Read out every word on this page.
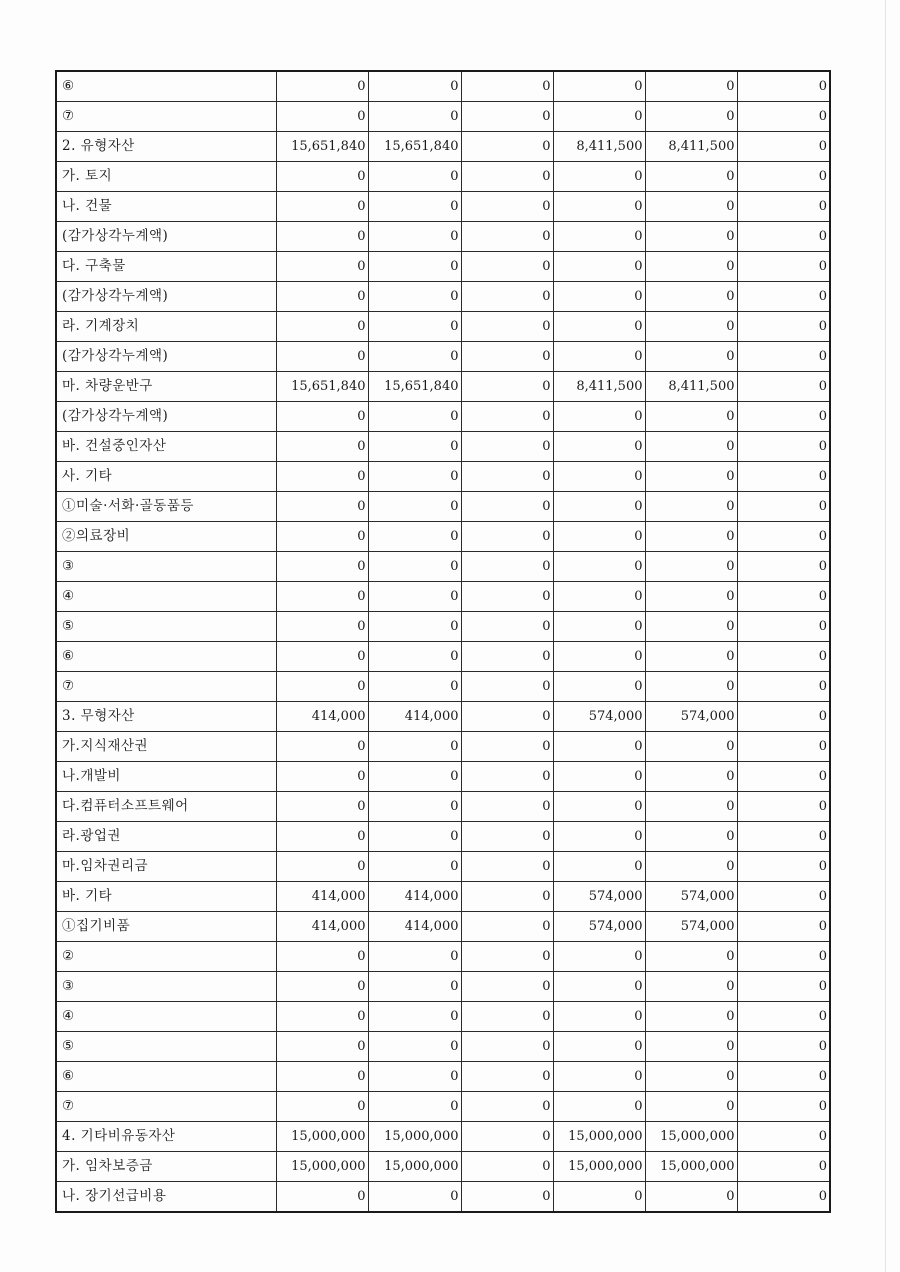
⑥	0	0	0	0	0	0
⑦	0	0	0	0	0	0
2. 유형자산	15,651,840	15,651,840	0	8,411,500	8,411,500	0
가. 토지	0	0	0	0	0	0
나. 건물	0	0	0	0	0	0
(감가상각누계액)	0	0	0	0	0	0
다. 구축물	0	0	0	0	0	0
(감가상각누계액)	0	0	0	0	0	0
라. 기계장치	0	0	0	0	0	0
(감가상각누계액)	0	0	0	0	0	0
마. 차량운반구	15,651,840	15,651,840	0	8,411,500	8,411,500	0
(감가상각누계액)	0	0	0	0	0	0
바. 건설중인자산	0	0	0	0	0	0
사. 기타	0	0	0	0	0	0
①미술·서화·골동품등	0	0	0	0	0	0
②의료장비	0	0	0	0	0	0
③	0	0	0	0	0	0
④	0	0	0	0	0	0
⑤	0	0	0	0	0	0
⑥	0	0	0	0	0	0
⑦	0	0	0	0	0	0
3. 무형자산	414,000	414,000	0	574,000	574,000	0
가.지식재산권	0	0	0	0	0	0
나.개발비	0	0	0	0	0	0
다.컴퓨터소프트웨어	0	0	0	0	0	0
라.광업권	0	0	0	0	0	0
마.임차권리금	0	0	0	0	0	0
바. 기타	414,000	414,000	0	574,000	574,000	0
①집기비품	414,000	414,000	0	574,000	574,000	0
②	0	0	0	0	0	0
③	0	0	0	0	0	0
④	0	0	0	0	0	0
⑤	0	0	0	0	0	0
⑥	0	0	0	0	0	0
⑦	0	0	0	0	0	0
4. 기타비유동자산	15,000,000	15,000,000	0	15,000,000	15,000,000	0
가. 임차보증금	15,000,000	15,000,000	0	15,000,000	15,000,000	0
나. 장기선급비용	0	0	0	0	0	0
